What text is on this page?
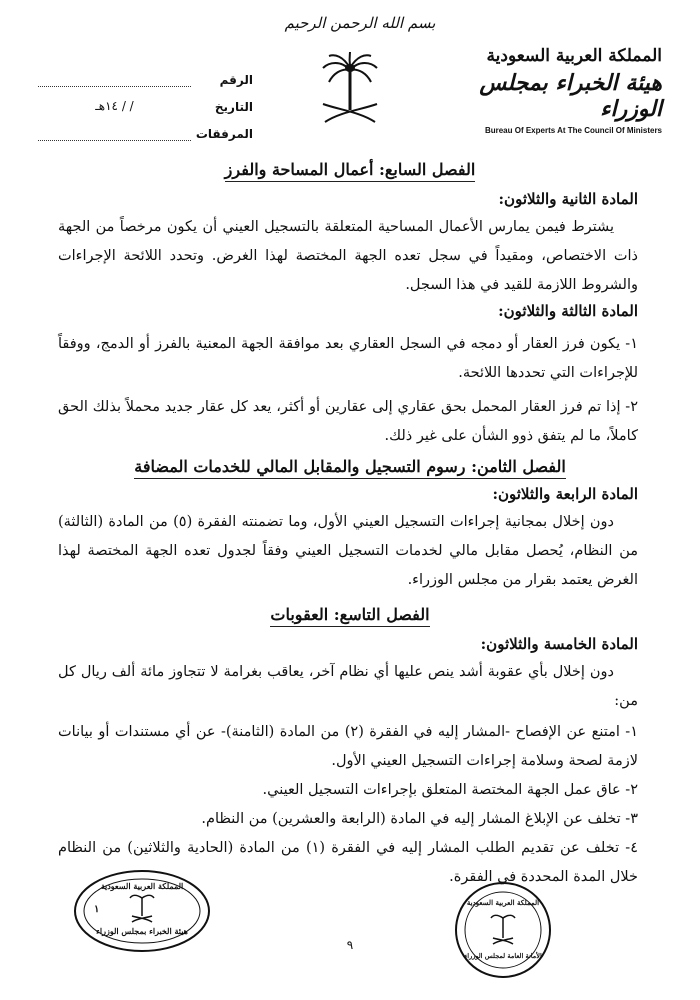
بسم الله الرحمن الرحيم
المملكة العربية السعودية
هيئة الخبراء بمجلس الوزراء
Bureau Of Experts At The Council Of Ministers
الرقم
التاريخ
/ / ١٤هـ
المرفقات
الفصل السابع: أعمال المساحة والفرز
المادة الثانية والثلاثون:
يشترط فيمن يمارس الأعمال المساحية المتعلقة بالتسجيل العيني أن يكون مرخصاً من الجهة ذات الاختصاص، ومقيداً في سجل تعده الجهة المختصة لهذا الغرض. وتحدد اللائحة الإجراءات والشروط اللازمة للقيد في هذا السجل.
المادة الثالثة والثلاثون:
١- يكون فرز العقار أو دمجه في السجل العقاري بعد موافقة الجهة المعنية بالفرز أو الدمج، ووفقاً للإجراءات التي تحددها اللائحة.
٢- إذا تم فرز العقار المحمل بحق عقاري إلى عقارين أو أكثر، يعد كل عقار جديد محملاً بذلك الحق كاملاً، ما لم يتفق ذوو الشأن على غير ذلك.
الفصل الثامن: رسوم التسجيل والمقابل المالي للخدمات المضافة
المادة الرابعة والثلاثون:
دون إخلال بمجانية إجراءات التسجيل العيني الأول، وما تضمنته الفقرة (٥) من المادة (الثالثة) من النظام، يُحصل مقابل مالي لخدمات التسجيل العيني وفقاً لجدول تعده الجهة المختصة لهذا الغرض يعتمد بقرار من مجلس الوزراء.
الفصل التاسع: العقوبات
المادة الخامسة والثلاثون:
دون إخلال بأي عقوبة أشد ينص عليها أي نظام آخر، يعاقب بغرامة لا تتجاوز مائة ألف ريال كل من:
١- امتنع عن الإفصاح -المشار إليه في الفقرة (٢) من المادة (الثامنة)- عن أي مستندات أو بيانات لازمة لصحة وسلامة إجراءات التسجيل العيني الأول.
٢- عاق عمل الجهة المختصة المتعلق بإجراءات التسجيل العيني.
٣- تخلف عن الإبلاغ المشار إليه في المادة (الرابعة والعشرين) من النظام.
٤- تخلف عن تقديم الطلب المشار إليه في الفقرة (١) من المادة (الحادية والثلاثين) من النظام خلال المدة المحددة في الفقرة.
المملكة العربية السعودية
١
هيئة الخبراء بمجلس الوزراء
المملكة العربية السعودية
الأمانة العامة لمجلس الوزراء
٩
